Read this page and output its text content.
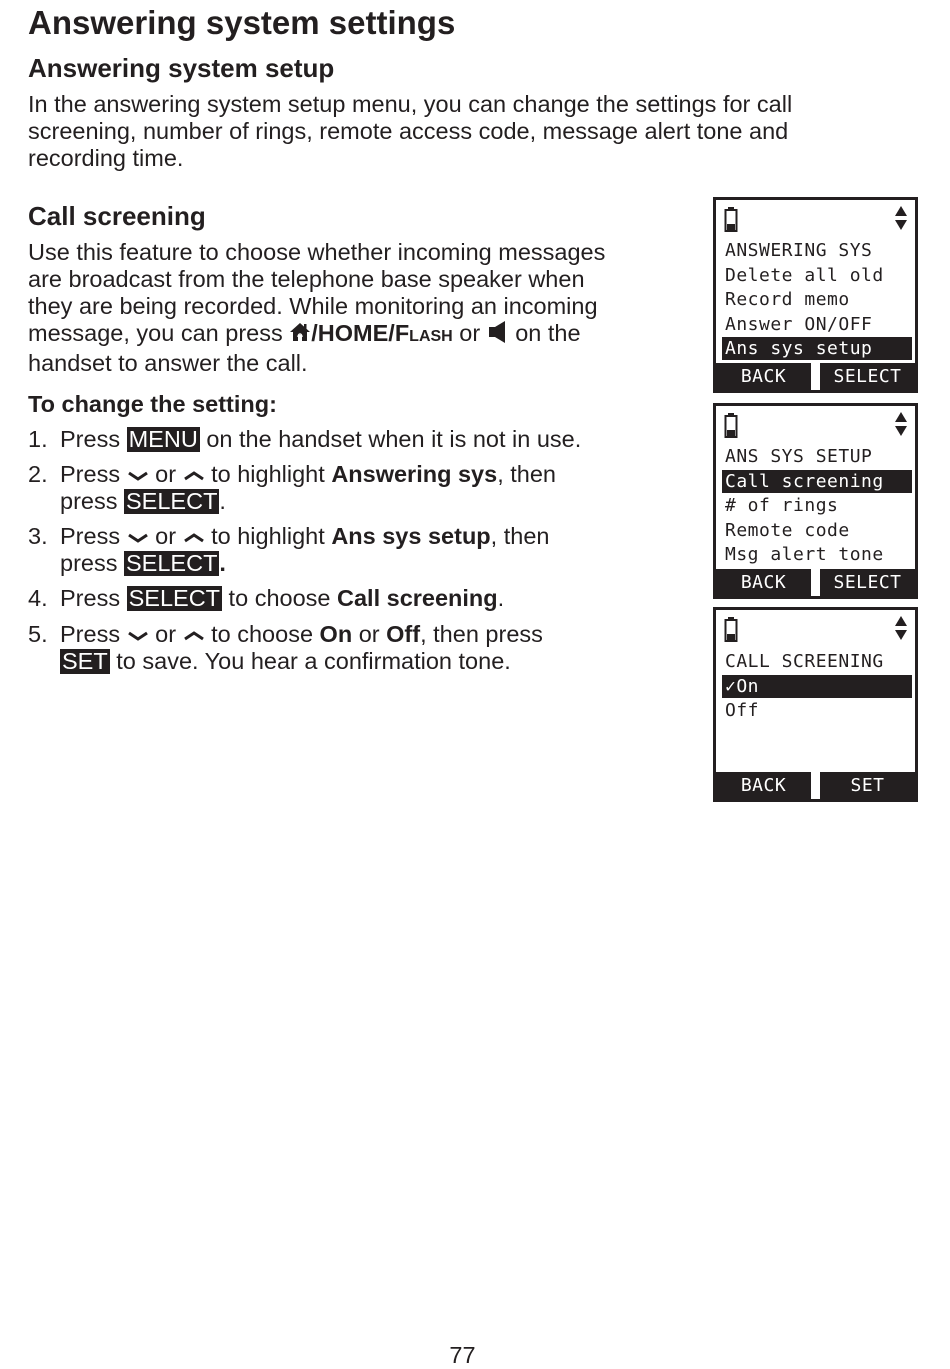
Answering system settings
Answering system setup
In the answering system setup menu, you can change the settings for call
screening, number of rings, remote access code, message alert tone and
recording time.
Call screening
Use this feature to choose whether incoming messages
are broadcast from the telephone base speaker when
they are being recorded. While monitoring an incoming
message, you can press /HOME/Flash or  on the
handset to answer the call.
To change the setting:
1. Press MENU on the handset when it is not in use.
2. Press  or  to highlight Answering sys, then
press SELECT.
3. Press  or  to highlight Ans sys setup, then
press SELECT.
4. Press SELECT to choose Call screening.
5. Press  or  to choose On or Off, then press
SET to save. You hear a confirmation tone.
ANSWERING SYS
Delete all old
Record memo
Answer ON/OFF
Ans sys setup
BACK	SELECT
ANS SYS SETUP
Call screening
# of rings
Remote code
Msg alert tone
BACK	SELECT
CALL SCREENING
✓On
Off
BACK	SET
77
